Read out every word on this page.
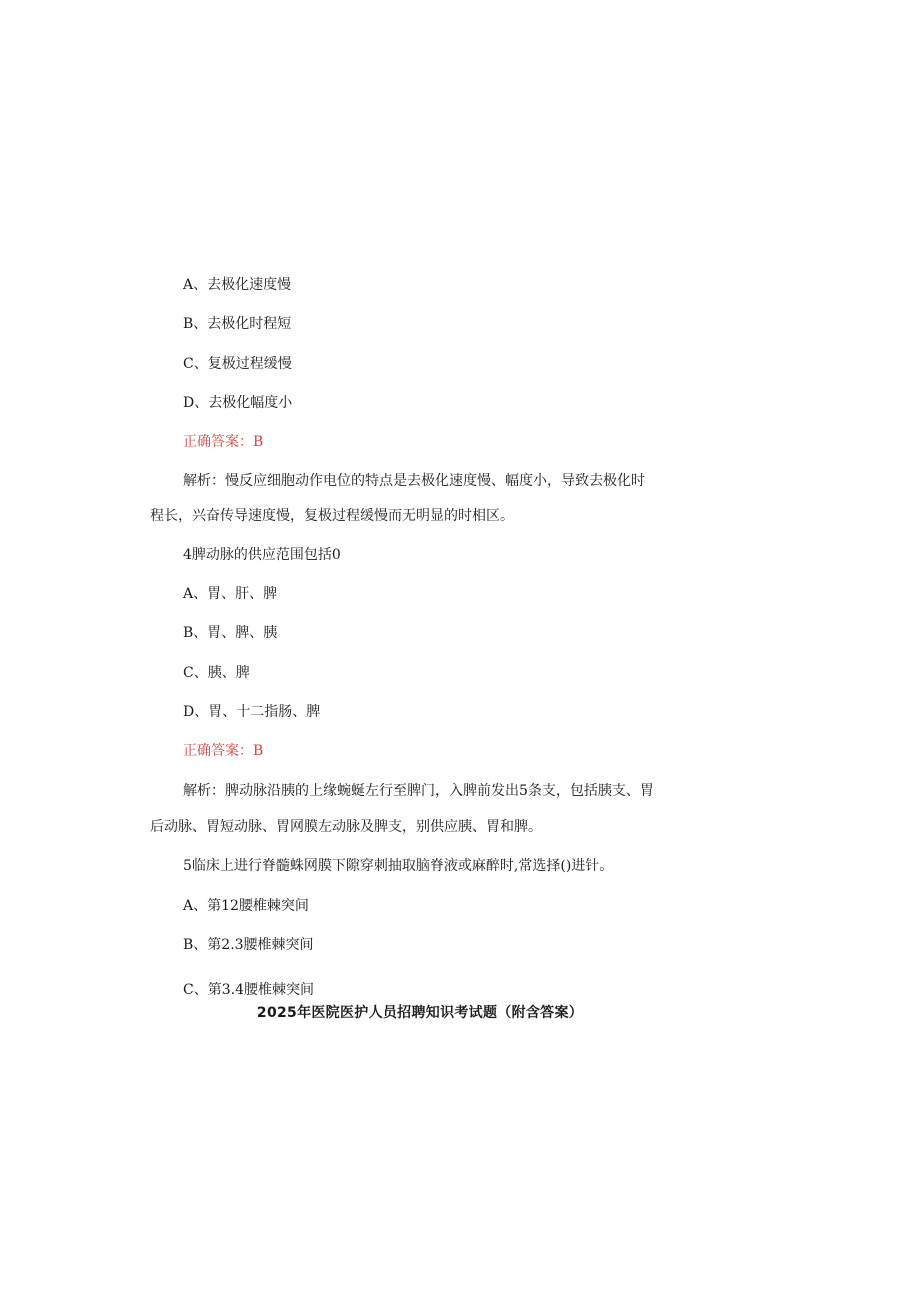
A、去极化速度慢
B、去极化时程短
C、复极过程缓慢
D、去极化幅度小
正确答案：B
解析：慢反应细胞动作电位的特点是去极化速度慢、幅度小，导致去极化时
程长，兴奋传导速度慢，复极过程缓慢而无明显的时相区。
4脾动脉的供应范围包括0
A、胃、肝、脾
B、胃、脾、胰
C、胰、脾
D、胃、十二指肠、脾
正确答案：B
解析：脾动脉沿胰的上缘蜿蜒左行至脾门，入脾前发出5条支，包括胰支、胃
后动脉、胃短动脉、胃网膜左动脉及脾支，别供应胰、胃和脾。
5临床上进行脊髓蛛网膜下隙穿刺抽取脑脊液或麻醉时,常选择()进针。
A、第12腰椎棘突间
B、第2.3腰椎棘突间
C、第3.4腰椎棘突间
2025年医院医护人员招聘知识考试题（附含答案）
